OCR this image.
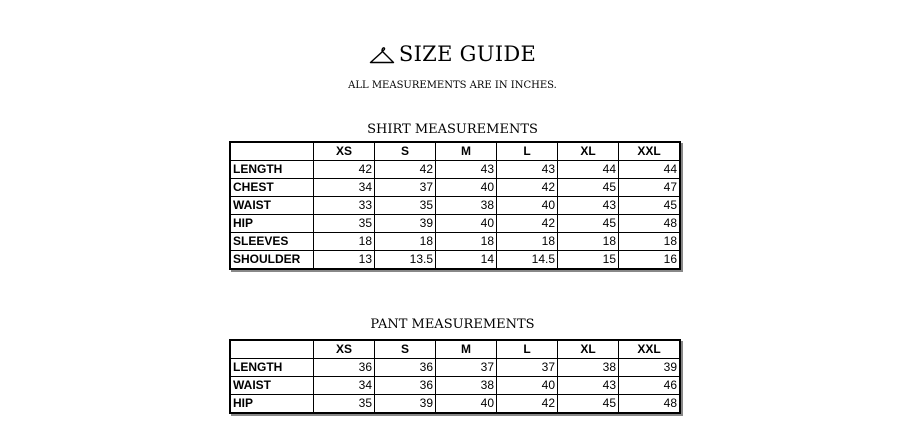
SIZE GUIDE
ALL MEASUREMENTS ARE IN INCHES.
SHIRT MEASUREMENTS
	XS	S	M	L	XL	XXL
LENGTH	42	42	43	43	44	44
CHEST	34	37	40	42	45	47
WAIST	33	35	38	40	43	45
HIP	35	39	40	42	45	48
SLEEVES	18	18	18	18	18	18
SHOULDER	13	13.5	14	14.5	15	16
PANT MEASUREMENTS
	XS	S	M	L	XL	XXL
LENGTH	36	36	37	37	38	39
WAIST	34	36	38	40	43	46
HIP	35	39	40	42	45	48
